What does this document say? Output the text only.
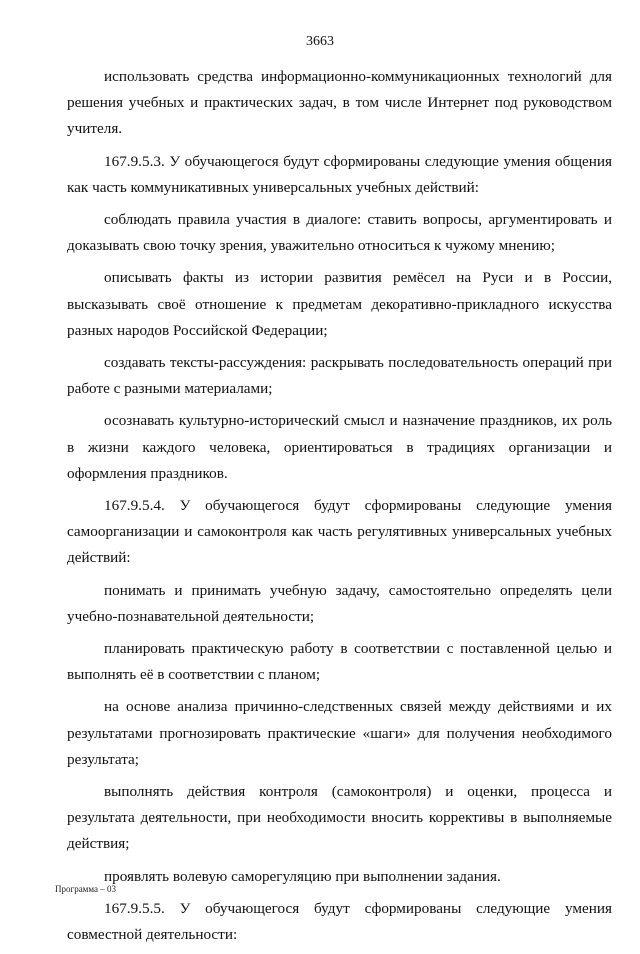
3663

использовать средства информационно-коммуникационных технологий для решения учебных и практических задач, в том числе Интернет под руководством учителя.

167.9.5.3. У обучающегося будут сформированы следующие умения общения как часть коммуникативных универсальных учебных действий:

соблюдать правила участия в диалоге: ставить вопросы, аргументировать и доказывать свою точку зрения, уважительно относиться к чужому мнению;

описывать факты из истории развития ремёсел на Руси и в России, высказывать своё отношение к предметам декоративно-прикладного искусства разных народов Российской Федерации;

создавать тексты-рассуждения: раскрывать последовательность операций при работе с разными материалами;

осознавать культурно-исторический смысл и назначение праздников, их роль в жизни каждого человека, ориентироваться в традициях организации и оформления праздников.

167.9.5.4. У обучающегося будут сформированы следующие умения самоорганизации и самоконтроля как часть регулятивных универсальных учебных действий:

понимать и принимать учебную задачу, самостоятельно определять цели учебно-познавательной деятельности;

планировать практическую работу в соответствии с поставленной целью и выполнять её в соответствии с планом;

на основе анализа причинно-следственных связей между действиями и их результатами прогнозировать практические «шаги» для получения необходимого результата;

выполнять действия контроля (самоконтроля) и оценки, процесса и результата деятельности, при необходимости вносить коррективы в выполняемые действия;

проявлять волевую саморегуляцию при выполнении задания.

167.9.5.5. У обучающегося будут сформированы следующие умения совместной деятельности:

Программа – 03
